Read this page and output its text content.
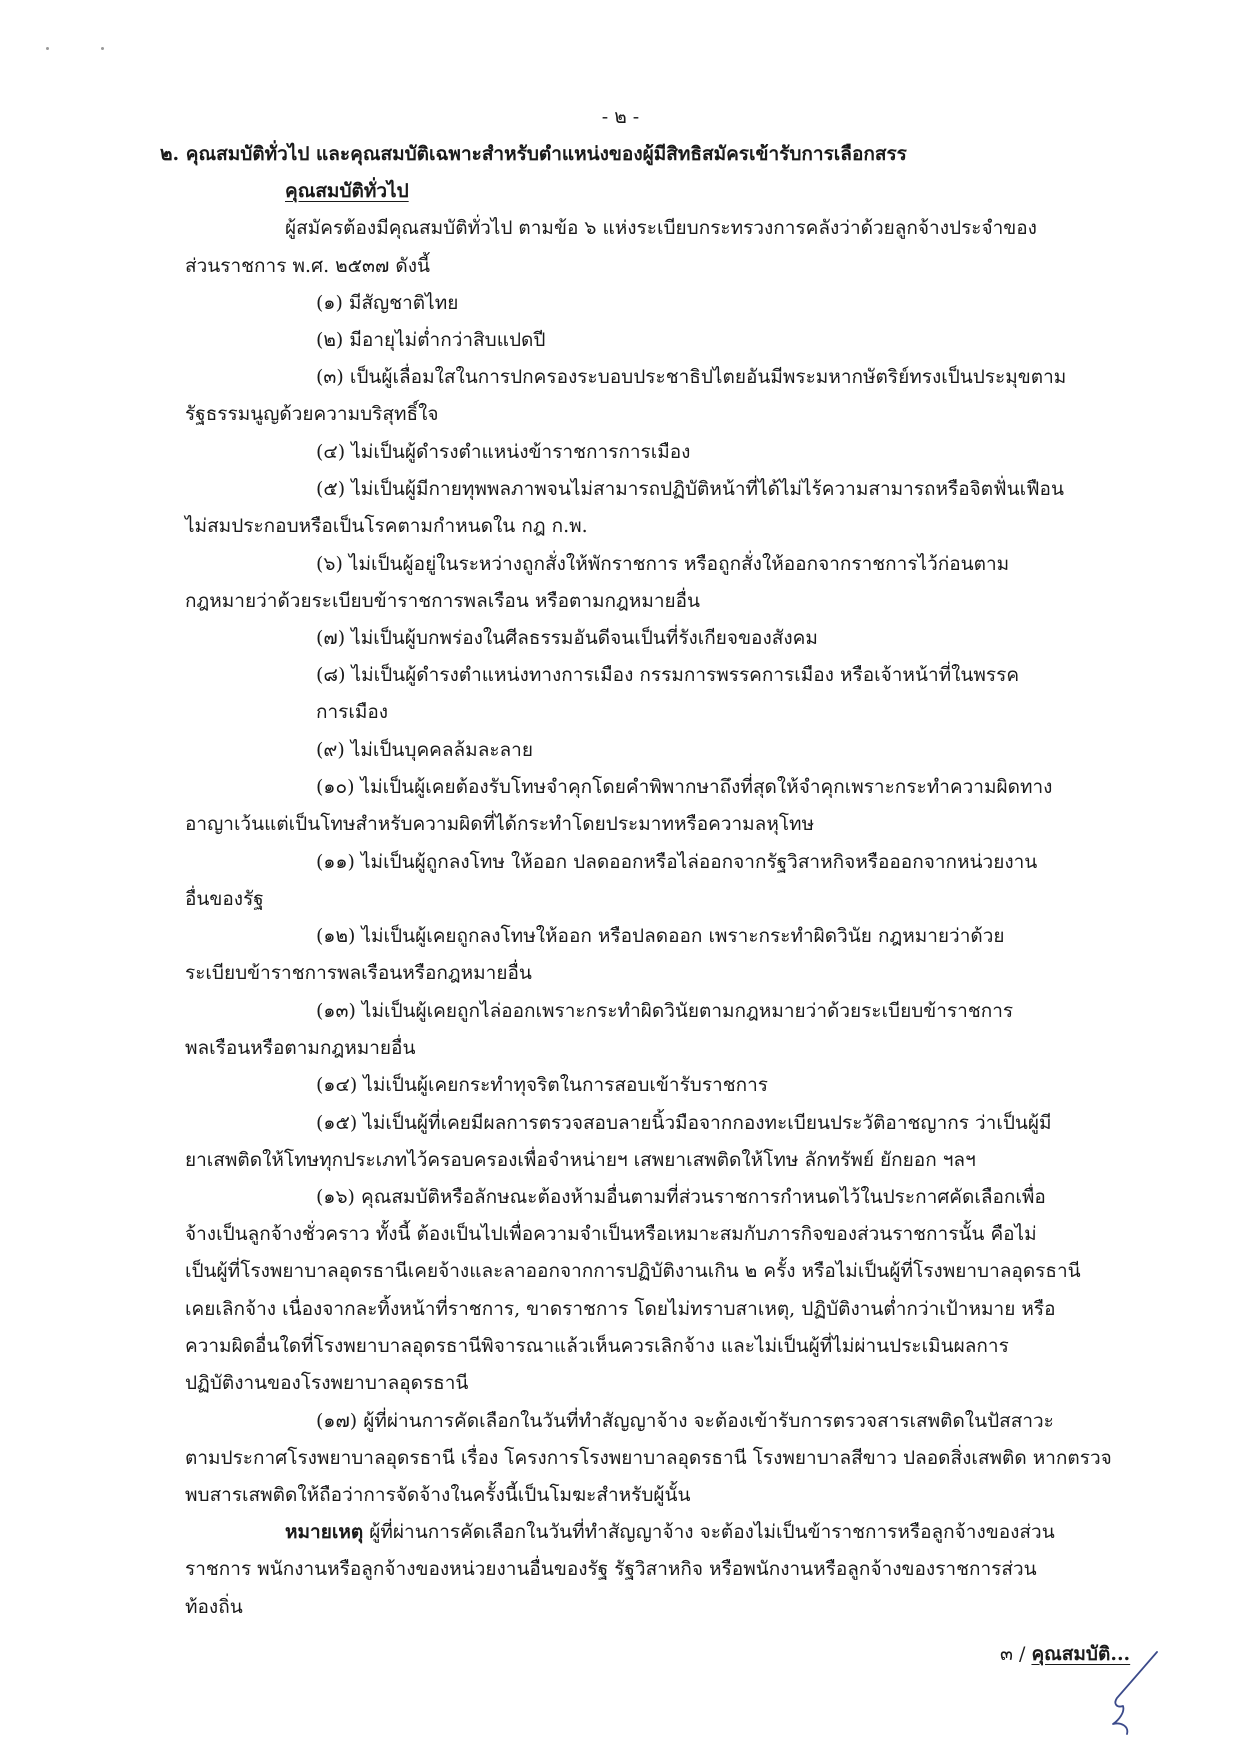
- ๒ -
๒. คุณสมบัติทั่วไป และคุณสมบัติเฉพาะสำหรับตำแหน่งของผู้มีสิทธิสมัครเข้ารับการเลือกสรร
คุณสมบัติทั่วไป
ผู้สมัครต้องมีคุณสมบัติทั่วไป ตามข้อ ๖ แห่งระเบียบกระทรวงการคลังว่าด้วยลูกจ้างประจำของ
ส่วนราชการ พ.ศ. ๒๕๓๗ ดังนี้
(๑) มีสัญชาติไทย
(๒) มีอายุไม่ต่ำกว่าสิบแปดปี
(๓) เป็นผู้เลื่อมใสในการปกครองระบอบประชาธิปไตยอันมีพระมหากษัตริย์ทรงเป็นประมุขตาม
รัฐธรรมนูญด้วยความบริสุทธิ์ใจ
(๔) ไม่เป็นผู้ดำรงตำแหน่งข้าราชการการเมือง
(๕) ไม่เป็นผู้มีกายทุพพลภาพจนไม่สามารถปฏิบัติหน้าที่ได้ไม่ไร้ความสามารถหรือจิตฟั่นเฟือน
ไม่สมประกอบหรือเป็นโรคตามกำหนดใน กฎ ก.พ.
(๖) ไม่เป็นผู้อยู่ในระหว่างถูกสั่งให้พักราชการ หรือถูกสั่งให้ออกจากราชการไว้ก่อนตาม
กฎหมายว่าด้วยระเบียบข้าราชการพลเรือน หรือตามกฎหมายอื่น
(๗) ไม่เป็นผู้บกพร่องในศีลธรรมอันดีจนเป็นที่รังเกียจของสังคม
(๘) ไม่เป็นผู้ดำรงตำแหน่งทางการเมือง กรรมการพรรคการเมือง หรือเจ้าหน้าที่ในพรรค
การเมือง
(๙) ไม่เป็นบุคคลล้มละลาย
(๑๐) ไม่เป็นผู้เคยต้องรับโทษจำคุกโดยคำพิพากษาถึงที่สุดให้จำคุกเพราะกระทำความผิดทาง
อาญาเว้นแต่เป็นโทษสำหรับความผิดที่ได้กระทำโดยประมาทหรือความลหุโทษ
(๑๑) ไม่เป็นผู้ถูกลงโทษ ให้ออก ปลดออกหรือไล่ออกจากรัฐวิสาหกิจหรือออกจากหน่วยงาน
อื่นของรัฐ
(๑๒) ไม่เป็นผู้เคยถูกลงโทษให้ออก หรือปลดออก เพราะกระทำผิดวินัย กฎหมายว่าด้วย
ระเบียบข้าราชการพลเรือนหรือกฎหมายอื่น
(๑๓) ไม่เป็นผู้เคยถูกไล่ออกเพราะกระทำผิดวินัยตามกฎหมายว่าด้วยระเบียบข้าราชการ
พลเรือนหรือตามกฎหมายอื่น
(๑๔) ไม่เป็นผู้เคยกระทำทุจริตในการสอบเข้ารับราชการ
(๑๕) ไม่เป็นผู้ที่เคยมีผลการตรวจสอบลายนิ้วมือจากกองทะเบียนประวัติอาชญากร ว่าเป็นผู้มี
ยาเสพติดให้โทษทุกประเภทไว้ครอบครองเพื่อจำหน่ายฯ เสพยาเสพติดให้โทษ ลักทรัพย์ ยักยอก ฯลฯ
(๑๖) คุณสมบัติหรือลักษณะต้องห้ามอื่นตามที่ส่วนราชการกำหนดไว้ในประกาศคัดเลือกเพื่อ
จ้างเป็นลูกจ้างชั่วคราว ทั้งนี้ ต้องเป็นไปเพื่อความจำเป็นหรือเหมาะสมกับภารกิจของส่วนราชการนั้น คือไม่
เป็นผู้ที่โรงพยาบาลอุดรธานีเคยจ้างและลาออกจากการปฏิบัติงานเกิน ๒ ครั้ง หรือไม่เป็นผู้ที่โรงพยาบาลอุดรธานี
เคยเลิกจ้าง เนื่องจากละทิ้งหน้าที่ราชการ, ขาดราชการ โดยไม่ทราบสาเหตุ, ปฏิบัติงานต่ำกว่าเป้าหมาย หรือ
ความผิดอื่นใดที่โรงพยาบาลอุดรธานีพิจารณาแล้วเห็นควรเลิกจ้าง และไม่เป็นผู้ที่ไม่ผ่านประเมินผลการ
ปฏิบัติงานของโรงพยาบาลอุดรธานี
(๑๗) ผู้ที่ผ่านการคัดเลือกในวันที่ทำสัญญาจ้าง จะต้องเข้ารับการตรวจสารเสพติดในปัสสาวะ
ตามประกาศโรงพยาบาลอุดรธานี เรื่อง โครงการโรงพยาบาลอุดรธานี โรงพยาบาลสีขาว ปลอดสิ่งเสพติด หากตรวจ
พบสารเสพติดให้ถือว่าการจัดจ้างในครั้งนี้เป็นโมฆะสำหรับผู้นั้น
หมายเหตุ ผู้ที่ผ่านการคัดเลือกในวันที่ทำสัญญาจ้าง จะต้องไม่เป็นข้าราชการหรือลูกจ้างของส่วน
ราชการ พนักงานหรือลูกจ้างของหน่วยงานอื่นของรัฐ รัฐวิสาหกิจ หรือพนักงานหรือลูกจ้างของราชการส่วน
ท้องถิ่น
๓ / คุณสมบัติ...
